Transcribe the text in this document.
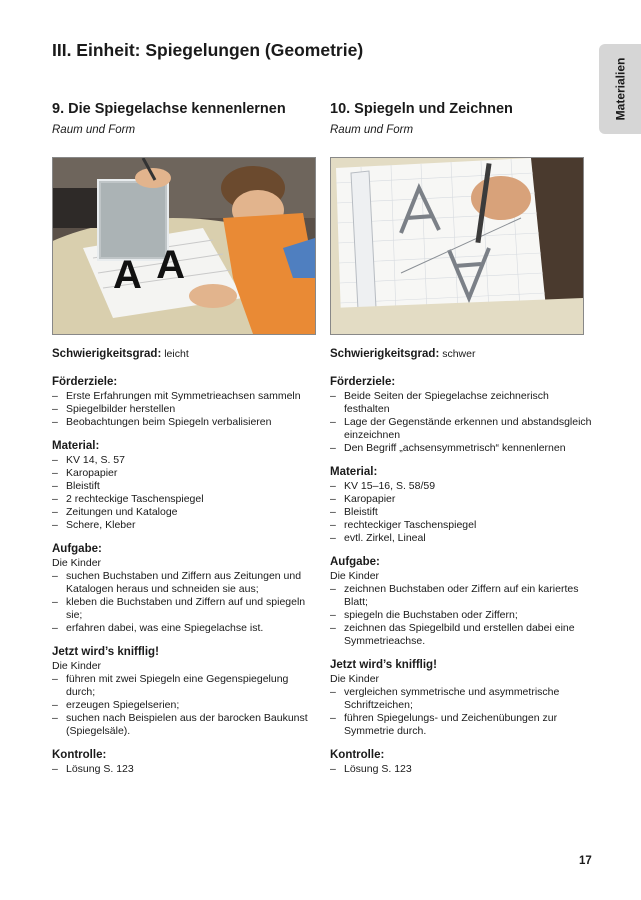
III. Einheit: Spiegelungen (Geometrie)
Materialien
9. Die Spiegelachse kennenlernen

Raum und Form

A A

Schwierigkeitsgrad: leicht

Förderziele:

– Erste Erfahrungen mit Symmetrieachsen sammeln
– Spiegelbilder herstellen
– Beobachtungen beim Spiegeln verbalisieren

Material:

– KV 14, S. 57
– Karopapier
– Bleistift
– 2 rechteckige Taschenspiegel
– Zeitungen und Kataloge
– Schere, Kleber

Aufgabe:

Die Kinder

– suchen Buchstaben und Ziffern aus Zeitungen und Katalogen heraus und schneiden sie aus;
– kleben die Buchstaben und Ziffern auf und spiegeln sie;
– erfahren dabei, was eine Spiegelachse ist.

Jetzt wird’s knifflig!

Die Kinder

– führen mit zwei Spiegeln eine Gegenspiegelung durch;
– erzeugen Spiegelserien;
– suchen nach Beispielen aus der barocken Baukunst (Spiegelsäle).

Kontrolle:

– Lösung S. 123
10. Spiegeln und Zeichnen

Raum und Form

Schwierigkeitsgrad: schwer

Förderziele:

– Beide Seiten der Spiegelachse zeichnerisch festhalten
– Lage der Gegenstände erkennen und abstandsgleich einzeichnen
– Den Begriff „achsensymmetrisch“ kennenlernen

Material:

– KV 15–16, S. 58/59
– Karopapier
– Bleistift
– rechteckiger Taschenspiegel
– evtl. Zirkel, Lineal

Aufgabe:

Die Kinder

– zeichnen Buchstaben oder Ziffern auf ein kariertes Blatt;
– spiegeln die Buchstaben oder Ziffern;
– zeichnen das Spiegelbild und erstellen dabei eine Symmetrieachse.

Jetzt wird’s knifflig!

Die Kinder

– vergleichen symmetrische und asymmetrische Schriftzeichen;
– führen Spiegelungs- und Zeichenübungen zur Symmetrie durch.

Kontrolle:

– Lösung S. 123
17
